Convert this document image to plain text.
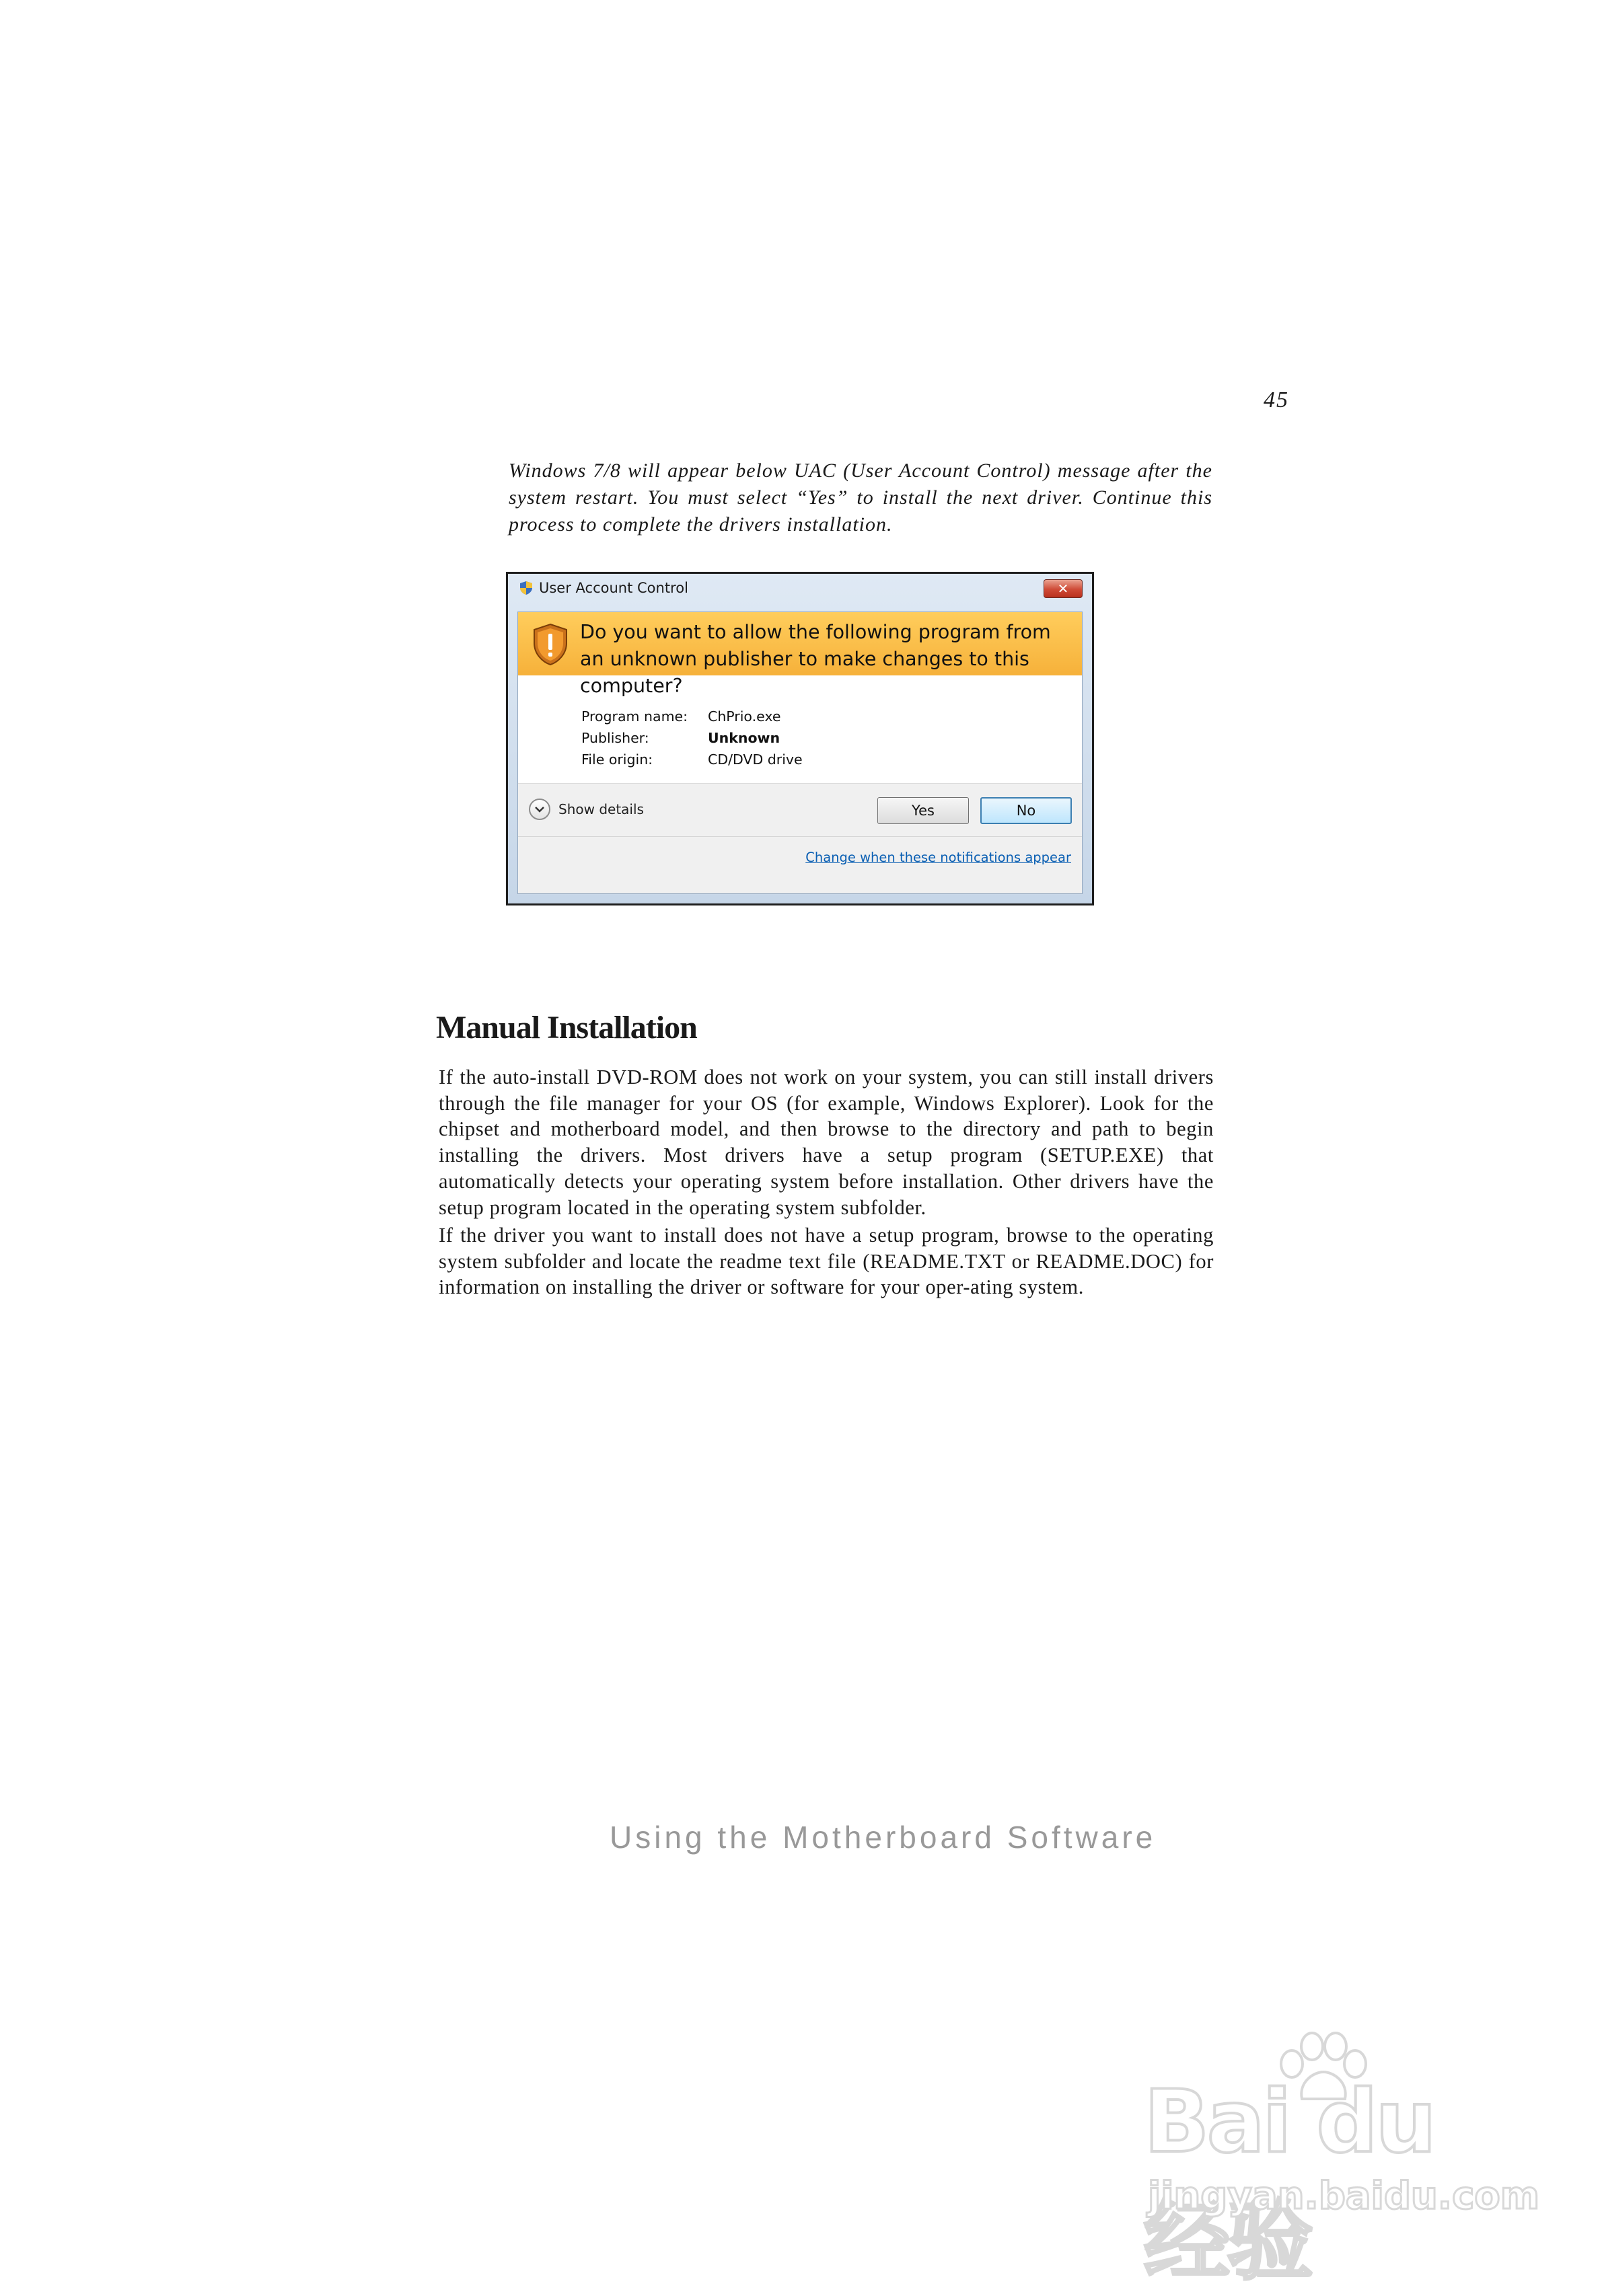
45

Windows 7/8 will appear below UAC (User Account Control) message after the system restart. You must select “Yes” to install the next driver. Continue this process to complete the drivers installation.

User Account Control	✕
Do you want to allow the following program from an unknown publisher to make changes to this computer?
Program name:	ChPrio.exe
Publisher:	Unknown
File origin:	CD/DVD drive
Show details	Yes	No
Change when these notifications appear
Manual Installation

If the auto-install DVD-ROM does not work on your system, you can still install drivers through the file manager for your OS (for example, Windows Explorer). Look for the chipset and motherboard model, and then browse to the directory and path to begin installing the drivers. Most drivers have a setup program (SETUP.EXE) that automatically detects your operating system before installation. Other drivers have the setup program located in the operating system subfolder.

If the driver you want to install does not have a setup program, browse to the operating system subfolder and locate the readme text file (README.TXT or README.DOC) for information on installing the driver or software for your oper-ating system.

Using the Motherboard Software
Bai du 经验
jingyan.baidu.com
